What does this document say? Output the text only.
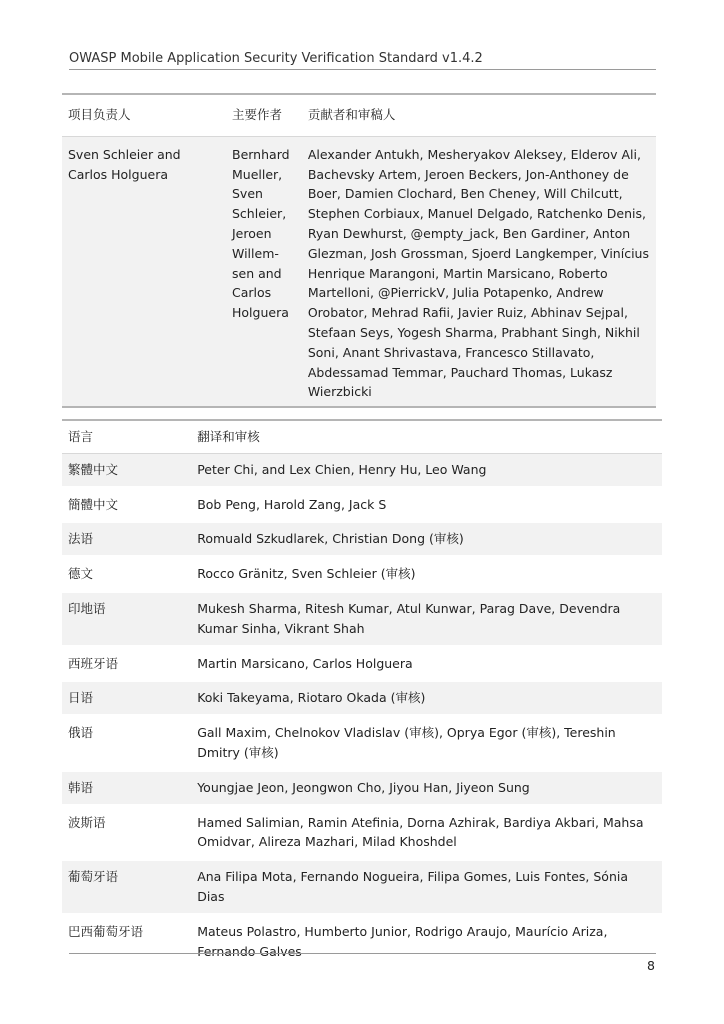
OWASP Mobile Application Security Verification Standard v1.4.2
项目负责人	主要作者	贡献者和审稿人
Sven Schleier and Carlos Holguera	Bernhard Mueller, Sven Schleier, Jeroen Willem-sen and Carlos Holguera	Alexander Antukh, Mesheryakov Aleksey, Elderov Ali, Bachevsky Artem, Jeroen Beckers, Jon-Anthoney de Boer, Damien Clochard, Ben Cheney, Will Chilcutt, Stephen Corbiaux, Manuel Delgado, Ratchenko Denis, Ryan Dewhurst, @empty_jack, Ben Gardiner, Anton Glezman, Josh Grossman, Sjoerd Langkemper, Vinícius Henrique Marangoni, Martin Marsicano, Roberto Martelloni, @PierrickV, Julia Potapenko, Andrew Orobator, Mehrad Rafii, Javier Ruiz, Abhinav Sejpal, Stefaan Seys, Yogesh Sharma, Prabhant Singh, Nikhil Soni, Anant Shrivastava, Francesco Stillavato, Abdessamad Temmar, Pauchard Thomas, Lukasz Wierzbicki
语言	翻译和审核
繁體中文	Peter Chi, and Lex Chien, Henry Hu, Leo Wang
簡體中文	Bob Peng, Harold Zang, Jack S
法语	Romuald Szkudlarek, Christian Dong (审核)
德文	Rocco Gränitz, Sven Schleier (审核)
印地语	Mukesh Sharma, Ritesh Kumar, Atul Kunwar, Parag Dave, Devendra Kumar Sinha, Vikrant Shah
西班牙语	Martin Marsicano, Carlos Holguera
日语	Koki Takeyama, Riotaro Okada (审核)
俄语	Gall Maxim, Chelnokov Vladislav (审核), Oprya Egor (审核), Tereshin Dmitry (审核)
韩语	Youngjae Jeon, Jeongwon Cho, Jiyou Han, Jiyeon Sung
波斯语	Hamed Salimian, Ramin Atefinia, Dorna Azhirak, Bardiya Akbari, Mahsa Omidvar, Alireza Mazhari, Milad Khoshdel
葡萄牙语	Ana Filipa Mota, Fernando Nogueira, Filipa Gomes, Luis Fontes, Sónia Dias
巴西葡萄牙语	Mateus Polastro, Humberto Junior, Rodrigo Araujo, Maurício Ariza, Fernando Galves
8
